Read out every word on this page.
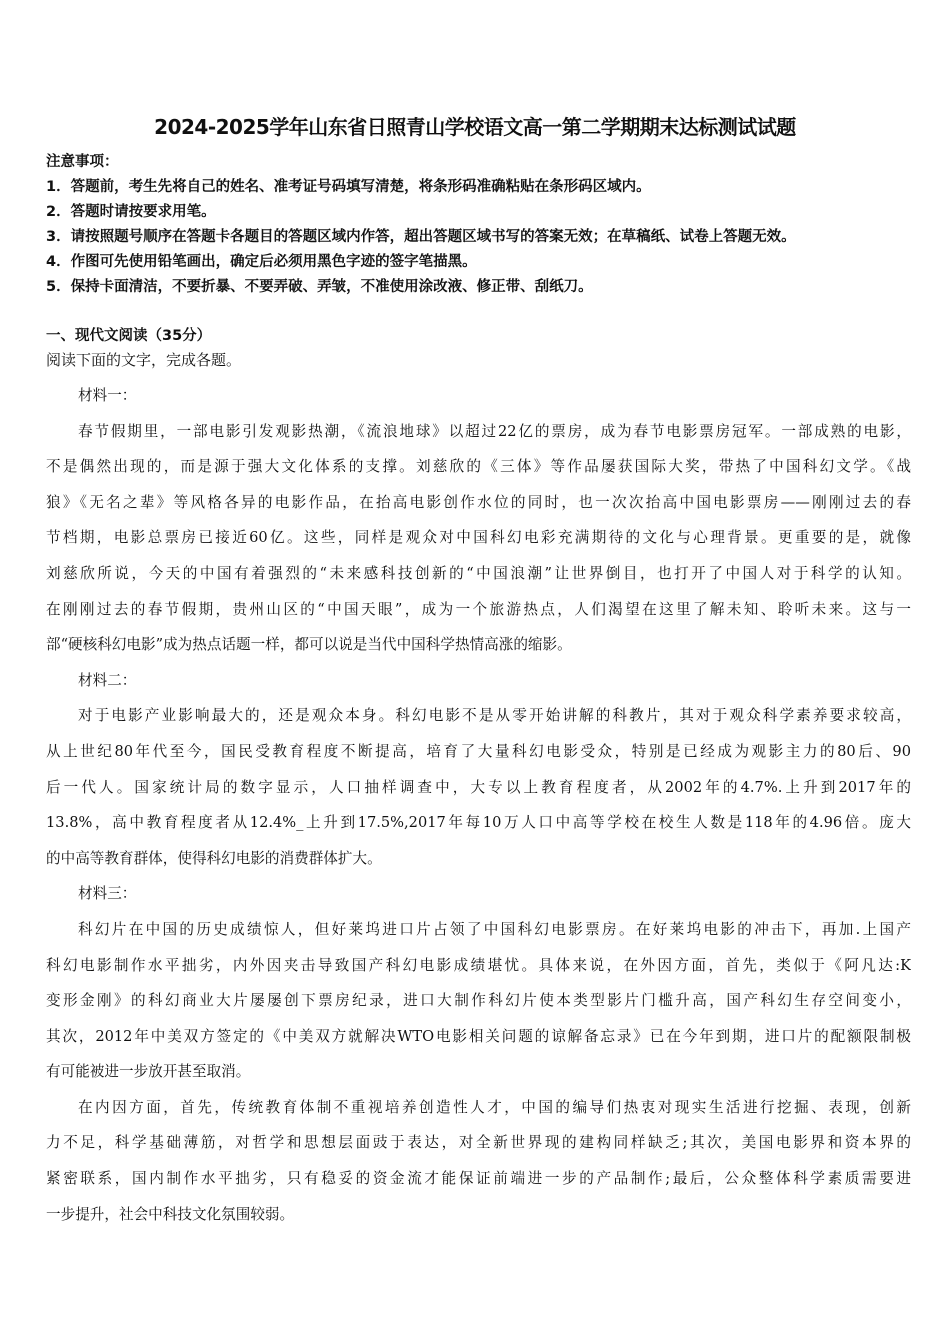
2024-2025学年山东省日照青山学校语文高一第二学期期末达标测试试题
注意事项：
1．答题前，考生先将自己的姓名、准考证号码填写清楚，将条形码准确粘贴在条形码区域内。
2．答题时请按要求用笔。
3．请按照题号顺序在答题卡各题目的答题区域内作答，超出答题区域书写的答案无效；在草稿纸、试卷上答题无效。
4．作图可先使用铅笔画出，确定后必须用黑色字迹的签字笔描黑。
5．保持卡面清洁，不要折暴、不要弄破、弄皱，不准使用涂改液、修正带、刮纸刀。
一、现代文阅读（35分）
阅读下面的文字，完成各题。
材料一：
春节假期里，一部电影引发观影热潮，《流浪地球》以超过22亿的票房，成为春节电影票房冠军。一部成熟的电影，
不是偶然出现的，而是源于强大文化体系的支撑。刘慈欣的《三体》等作品屡获国际大奖，带热了中国科幻文学。《战
狼》《无名之辈》等风格各异的电影作品，在抬高电影创作水位的同时，也一次次抬高中国电影票房——刚刚过去的春
节档期，电影总票房已接近60亿。这些，同样是观众对中国科幻电彩充满期待的文化与心理背景。更重要的是，就像
刘慈欣所说，今天的中国有着强烈的“未来感科技创新的“中国浪潮”让世界倒目，也打开了中国人对于科学的认知。
在刚刚过去的春节假期，贵州山区的“中国天眼”，成为一个旅游热点，人们渴望在这里了解未知、聆听未来。这与一
部“硬核科幻电影”成为热点话题一样，都可以说是当代中国科学热情高涨的缩影。
材料二：
对于电影产业影响最大的，还是观众本身。科幻电影不是从零开始讲解的科教片，其对于观众科学素养要求较高，
从上世纪80年代至今，国民受教育程度不断提高，培育了大量科幻电影受众，特别是已经成为观影主力的80后、90
后一代人。国家统计局的数字显示，人口抽样调查中，大专以上教育程度者，从2002年的4.7%.上升到2017年的
13.8%，高中教育程度者从12.4%_上升到17.5%,2017年每10万人口中高等学校在校生人数是118年的4.96倍。庞大
的中高等教育群体，使得科幻电影的消费群体扩大。
材料三：
科幻片在中国的历史成绩惊人，但好莱坞进口片占领了中国科幻电影票房。在好莱坞电影的冲击下，再加.上国产
科幻电影制作水平拙劣，内外因夹击导致国产科幻电影成绩堪忧。具体来说，在外因方面，首先，类似于《阿凡达:K
变形金刚》的科幻商业大片屡屡创下票房纪录，进口大制作科幻片使本类型影片门槛升高，国产科幻生存空间变小，
其次，2012年中美双方签定的《中美双方就解决WTO电影相关问题的谅解备忘录》已在今年到期，进口片的配额限制极
有可能被进一步放开甚至取消。
在内因方面，首先，传统教育体制不重视培养创造性人才，中国的编导们热衷对现实生活进行挖掘、表现，创新
力不足，科学基础薄筋，对哲学和思想层面豉于表达，对全新世界现的建构同样缺乏;其次，美国电影界和资本界的
紧密联系，国内制作水平拙劣，只有稳妥的资金流才能保证前端进一步的产品制作;最后，公众整体科学素质需要进
一步提升，社会中科技文化氛围较弱。
